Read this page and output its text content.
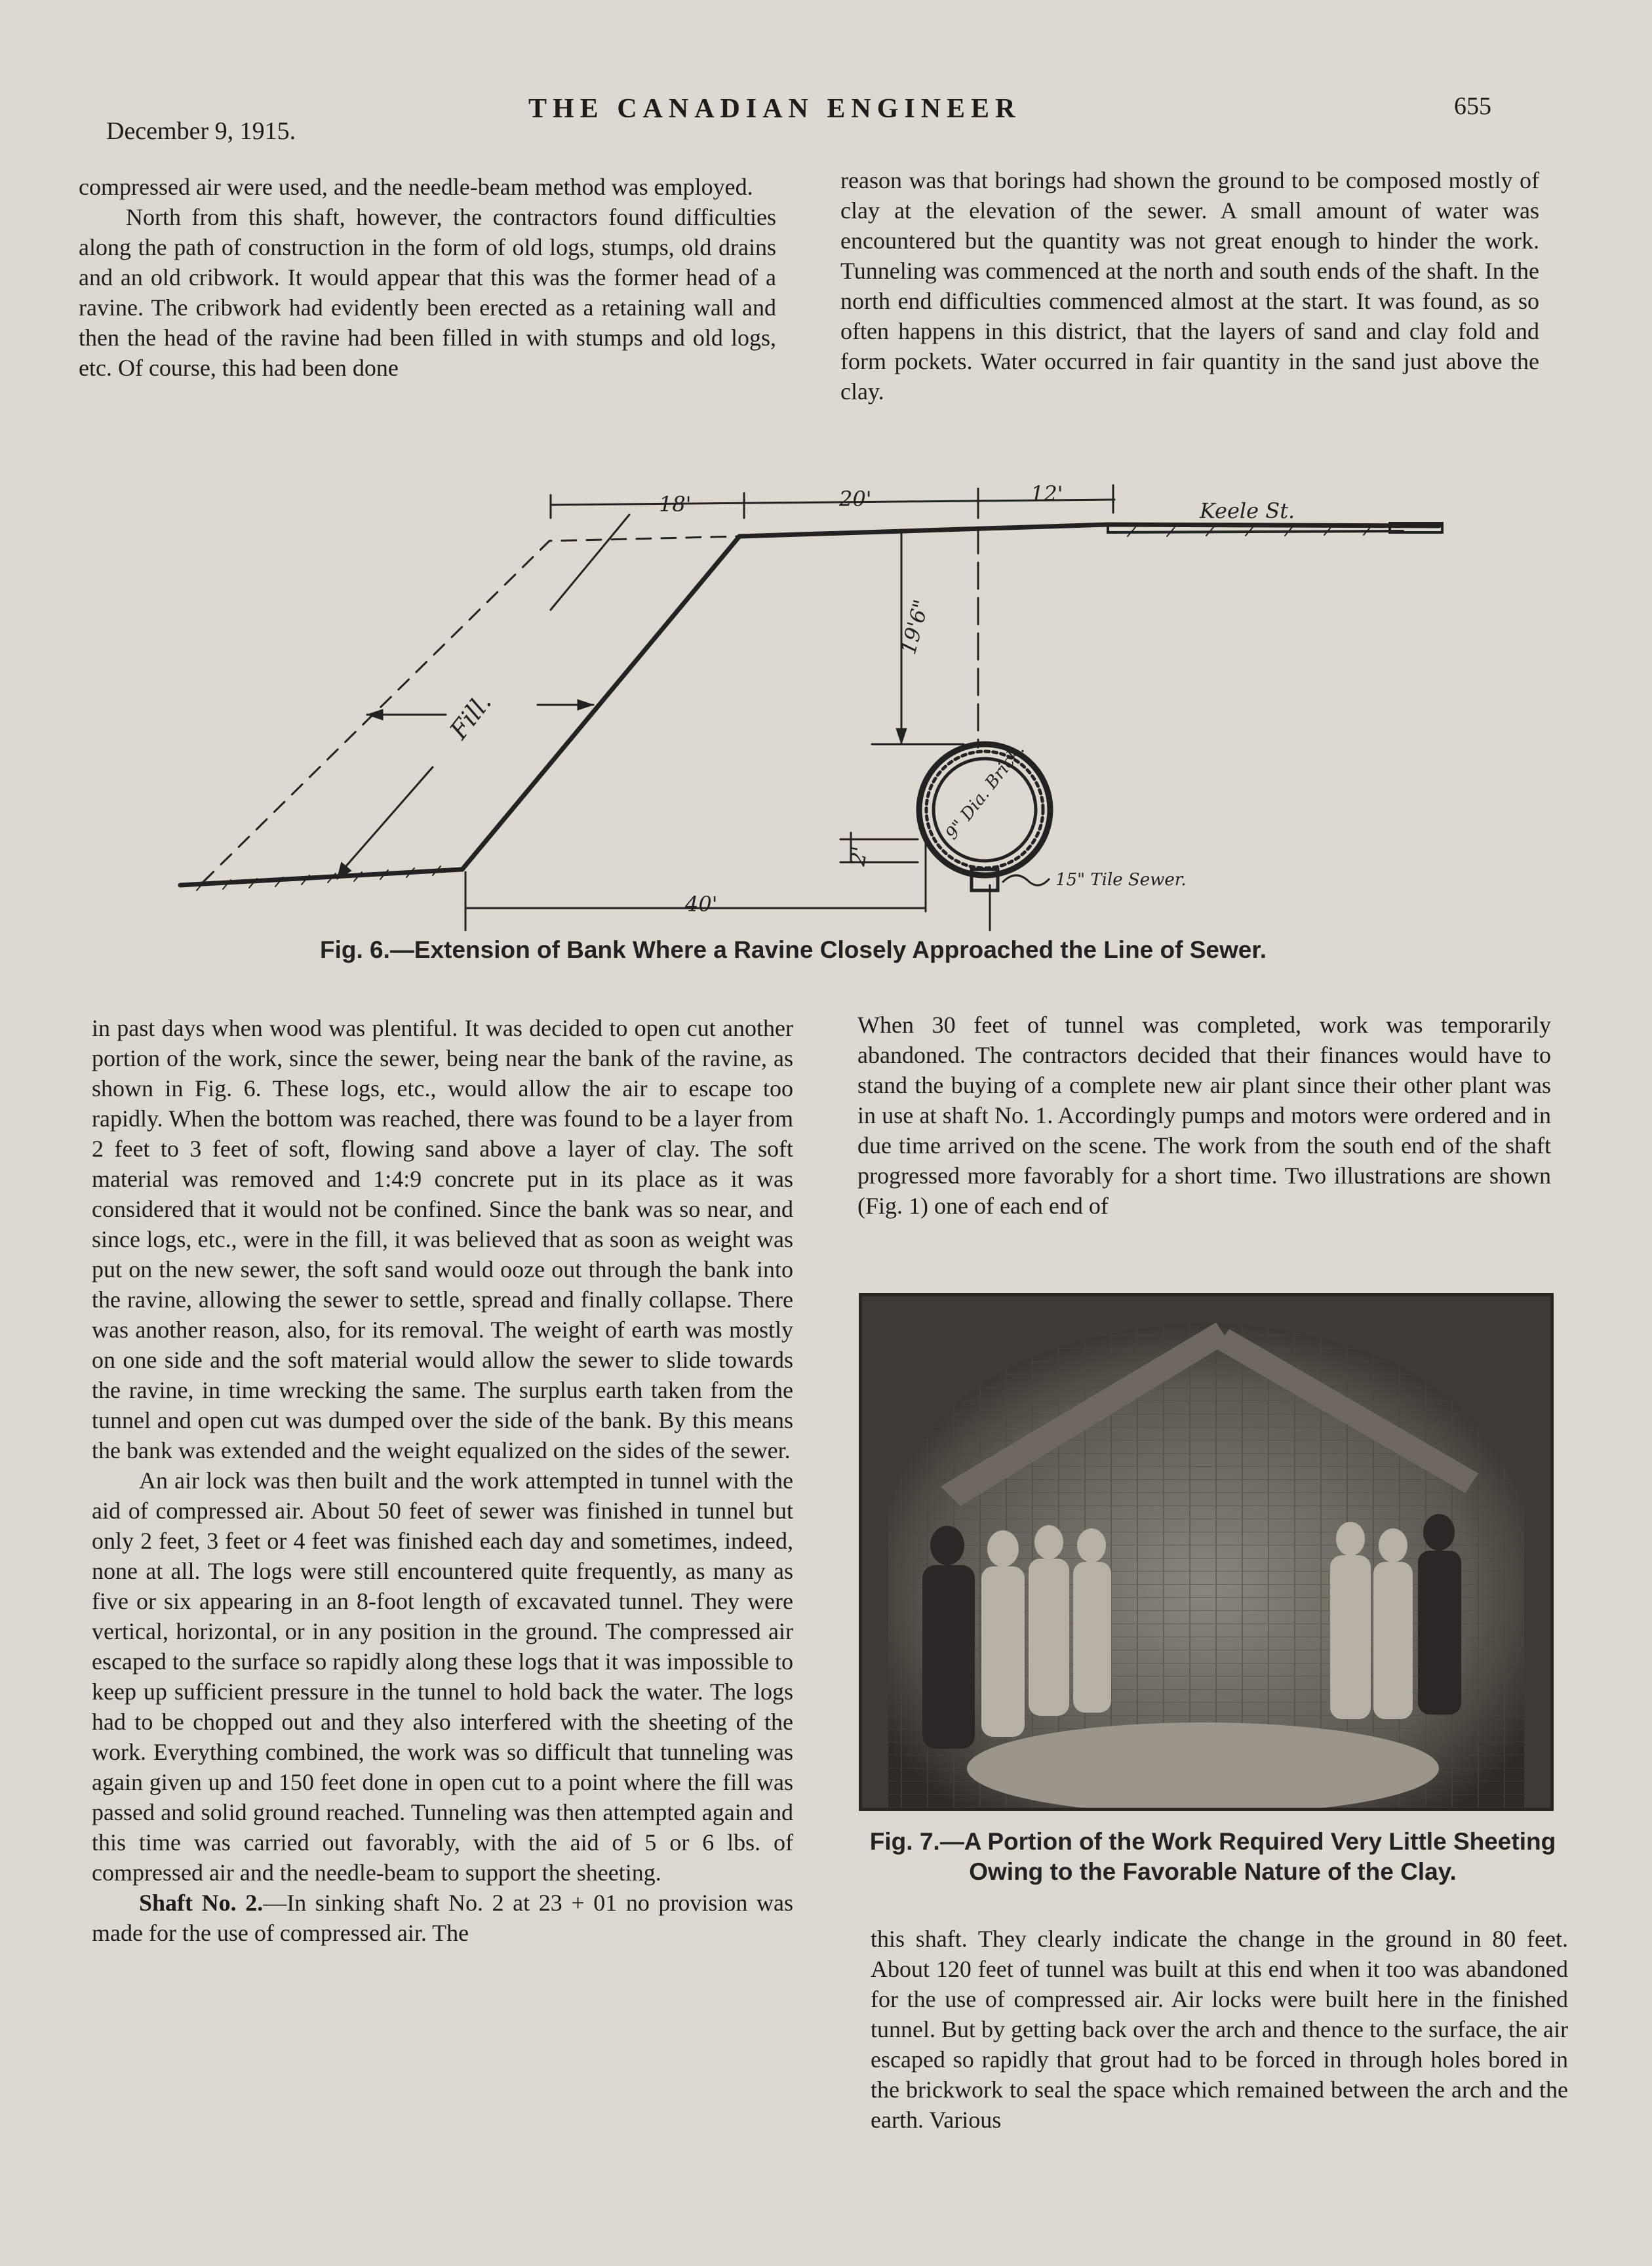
December 9, 1915.
THE CANADIAN ENGINEER	655

compressed air were used, and the needle-beam method was employed.

North from this shaft, however, the contractors found difficulties along the path of construction in the form of old logs, stumps, old drains and an old cribwork. It would appear that this was the former head of a ravine. The cribwork had evidently been erected as a retaining wall and then the head of the ravine had been filled in with stumps and old logs, etc. Of course, this had been done

reason was that borings had shown the ground to be composed mostly of clay at the elevation of the sewer. A small amount of water was encountered but the quantity was not great enough to hinder the work. Tunneling was commenced at the north and south ends of the shaft. In the north end difficulties commenced almost at the start. It was found, as so often happens in this district, that the layers of sand and clay fold and form pockets. Water occurred in fair quantity in the sand just above the clay.

18'	20'	12'
40'
19'6"
2'
Keele St.
Fill.
9" Dia. Brick.
15" Tile Sewer.
Fig. 6.—Extension of Bank Where a Ravine Closely Approached the Line of Sewer.

in past days when wood was plentiful. It was decided to open cut another portion of the work, since the sewer, being near the bank of the ravine, as shown in Fig. 6. These logs, etc., would allow the air to escape too rapidly. When the bottom was reached, there was found to be a layer from 2 feet to 3 feet of soft, flowing sand above a layer of clay. The soft material was removed and 1:4:9 concrete put in its place as it was considered that it would not be confined. Since the bank was so near, and since logs, etc., were in the fill, it was believed that as soon as weight was put on the new sewer, the soft sand would ooze out through the bank into the ravine, allowing the sewer to settle, spread and finally collapse. There was another reason, also, for its removal. The weight of earth was mostly on one side and the soft material would allow the sewer to slide towards the ravine, in time wrecking the same. The surplus earth taken from the tunnel and open cut was dumped over the side of the bank. By this means the bank was extended and the weight equalized on the sides of the sewer.

An air lock was then built and the work attempted in tunnel with the aid of compressed air. About 50 feet of sewer was finished in tunnel but only 2 feet, 3 feet or 4 feet was finished each day and sometimes, indeed, none at all. The logs were still encountered quite frequently, as many as five or six appearing in an 8-foot length of excavated tunnel. They were vertical, horizontal, or in any position in the ground. The compressed air escaped to the surface so rapidly along these logs that it was impossible to keep up sufficient pressure in the tunnel to hold back the water. The logs had to be chopped out and they also interfered with the sheeting of the work. Everything combined, the work was so difficult that tunneling was again given up and 150 feet done in open cut to a point where the fill was passed and solid ground reached. Tunneling was then attempted again and this time was carried out favorably, with the aid of 5 or 6 lbs. of compressed air and the needle-beam to support the sheeting.

Shaft No. 2.—In sinking shaft No. 2 at 23 + 01 no provision was made for the use of compressed air. The

When 30 feet of tunnel was completed, work was temporarily abandoned. The contractors decided that their finances would have to stand the buying of a complete new air plant since their other plant was in use at shaft No. 1. Accordingly pumps and motors were ordered and in due time arrived on the scene. The work from the south end of the shaft progressed more favorably for a short time. Two illustrations are shown (Fig. 1) one of each end of

Fig. 7.—A Portion of the Work Required Very Little Sheeting Owing to the Favorable Nature of the Clay.

this shaft. They clearly indicate the change in the ground in 80 feet. About 120 feet of tunnel was built at this end when it too was abandoned for the use of compressed air. Air locks were built here in the finished tunnel. But by getting back over the arch and thence to the surface, the air escaped so rapidly that grout had to be forced in through holes bored in the brickwork to seal the space which remained between the arch and the earth. Various
